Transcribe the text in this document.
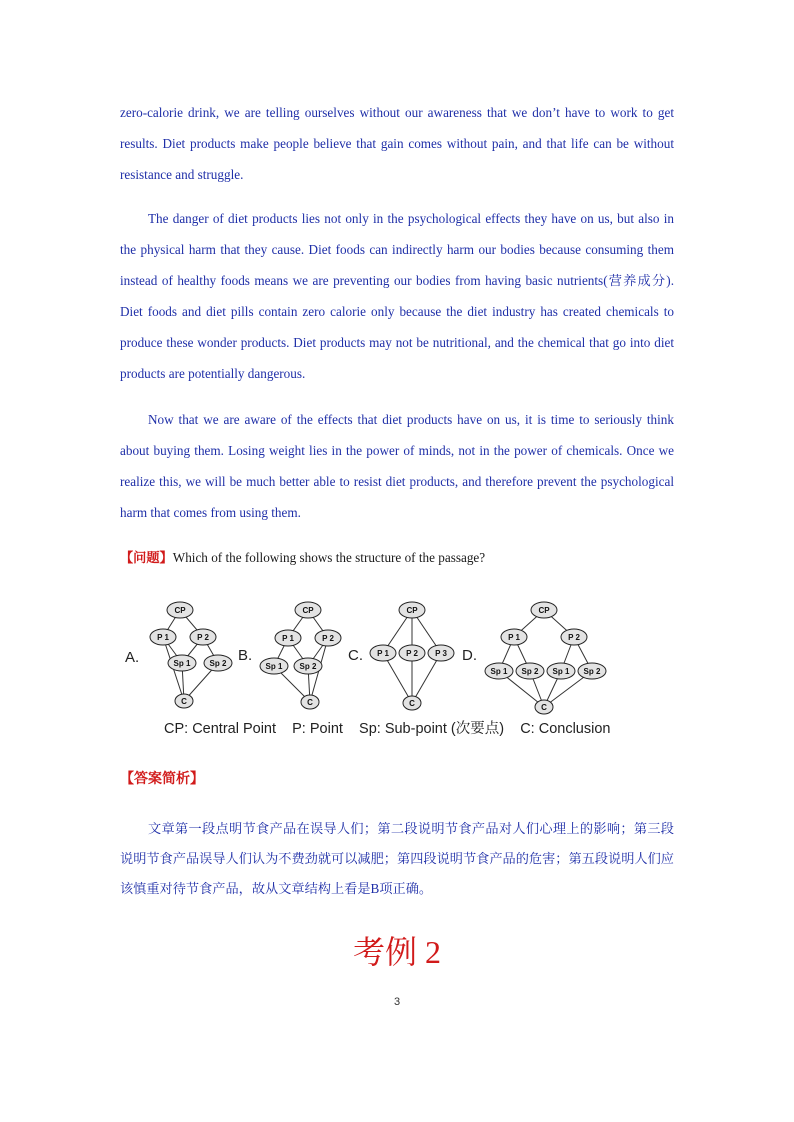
zero-calorie drink, we are telling ourselves without our awareness that we don’t have to work to get results. Diet products make people believe that gain comes without pain, and that life can be without resistance and struggle.

The danger of diet products lies not only in the psychological effects they have on us, but also in the physical harm that they cause. Diet foods can indirectly harm our bodies because consuming them instead of healthy foods means we are preventing our bodies from having basic nutrients(营养成分). Diet foods and diet pills contain zero calorie only because the diet industry has created chemicals to produce these wonder products. Diet products may not be nutritional, and the chemical that go into diet products are potentially dangerous.

Now that we are aware of the effects that diet products have on us, it is time to seriously think about buying them. Losing weight lies in the power of minds, not in the power of chemicals. Once we realize this, we will be much better able to resist diet products, and therefore prevent the psychological harm that comes from using them.

【问题】Which of the following shows the structure of the passage?
A.
CP
P 1	P 2
Sp 1 Sp 2
C
B.
CP
P 1	P 2
Sp 1 Sp 2
C
C.
CP
P 1 P 2 P 3
C
D.
CP
P 1	P 2
Sp 1 Sp 2 Sp 1 Sp 2
C
CP: Central Point    P: Point    Sp: Sub-point (次要点)    C: Conclusion
【答案简析】

文章第一段点明节食产品在误导人们；第二段说明节食产品对人们心理上的影响；第三段说明节食产品误导人们认为不费劲就可以减肥；第四段说明节食产品的危害；第五段说明人们应该慎重对待节食产品，故从文章结构上看是B项正确。

考例 2
3
